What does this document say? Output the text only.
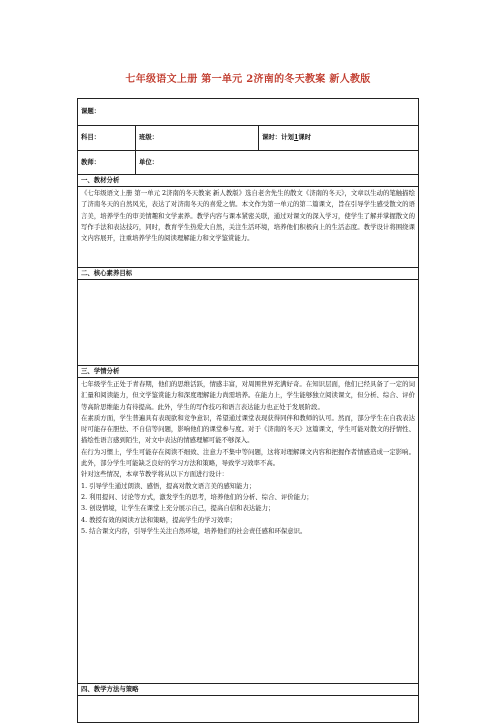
七年级语文上册 第一单元 2济南的冬天教案 新人教版
课题：
科目：	班级：	课时：计划 1 课时
教师：	单位：
一、教材分析

《七年级语文上册 第一单元 2济南的冬天教案 新人教版》选自老舍先生的散文《济南的冬天》，文章以生动的笔触描绘了济南冬天的自然风光，表达了对济南冬天的喜爱之情。本文作为第一单元的第二篇课文，旨在引导学生感受散文的语言美，培养学生的审美情趣和文学素养。教学内容与课本紧密关联，通过对课文的深入学习，使学生了解并掌握散文的写作手法和表达技巧，同时，教育学生热爱大自然，关注生活环境，培养他们积极向上的生活态度。教学设计将围绕课文内容展开，注重培养学生的阅读理解能力和文学鉴赏能力。

二、核心素养目标
三、学情分析

七年级学生正处于青春期，他们的思维活跃，情感丰富，对周围世界充满好奇。在知识层面，他们已经具备了一定的词汇量和阅读能力，但文学鉴赏能力和深度理解能力尚需培养。在能力上，学生能够独立阅读课文，但分析、综合、评价等高阶思维能力有待提高。此外，学生的写作技巧和语言表达能力也正处于发展阶段。

在素质方面，学生普遍具有表现欲和竞争意识，希望通过课堂表现获得同伴和教师的认可。然而，部分学生在自我表达时可能存在胆怯、不自信等问题，影响他们的课堂参与度。对于《济南的冬天》这篇课文，学生可能对散文的抒情性、描绘性语言感到陌生，对文中表达的情感理解可能不够深入。

在行为习惯上，学生可能存在阅读不细致、注意力不集中等问题，这将对理解课文内容和把握作者情感造成一定影响。此外，部分学生可能缺乏良好的学习方法和策略，导致学习效率不高。

针对这些情况，本章节教学将从以下方面进行设计：

1. 引导学生通过朗读、感悟，提高对散文语言美的感知能力；

2. 利用提问、讨论等方式，激发学生的思考，培养他们的分析、综合、评价能力；

3. 创设情境，让学生在课堂上充分展示自己，提高自信和表达能力；

4. 教授有效的阅读方法和策略，提高学生的学习效率；

5. 结合课文内容，引导学生关注自然环境，培养他们的社会责任感和环保意识。

四、教学方法与策略
